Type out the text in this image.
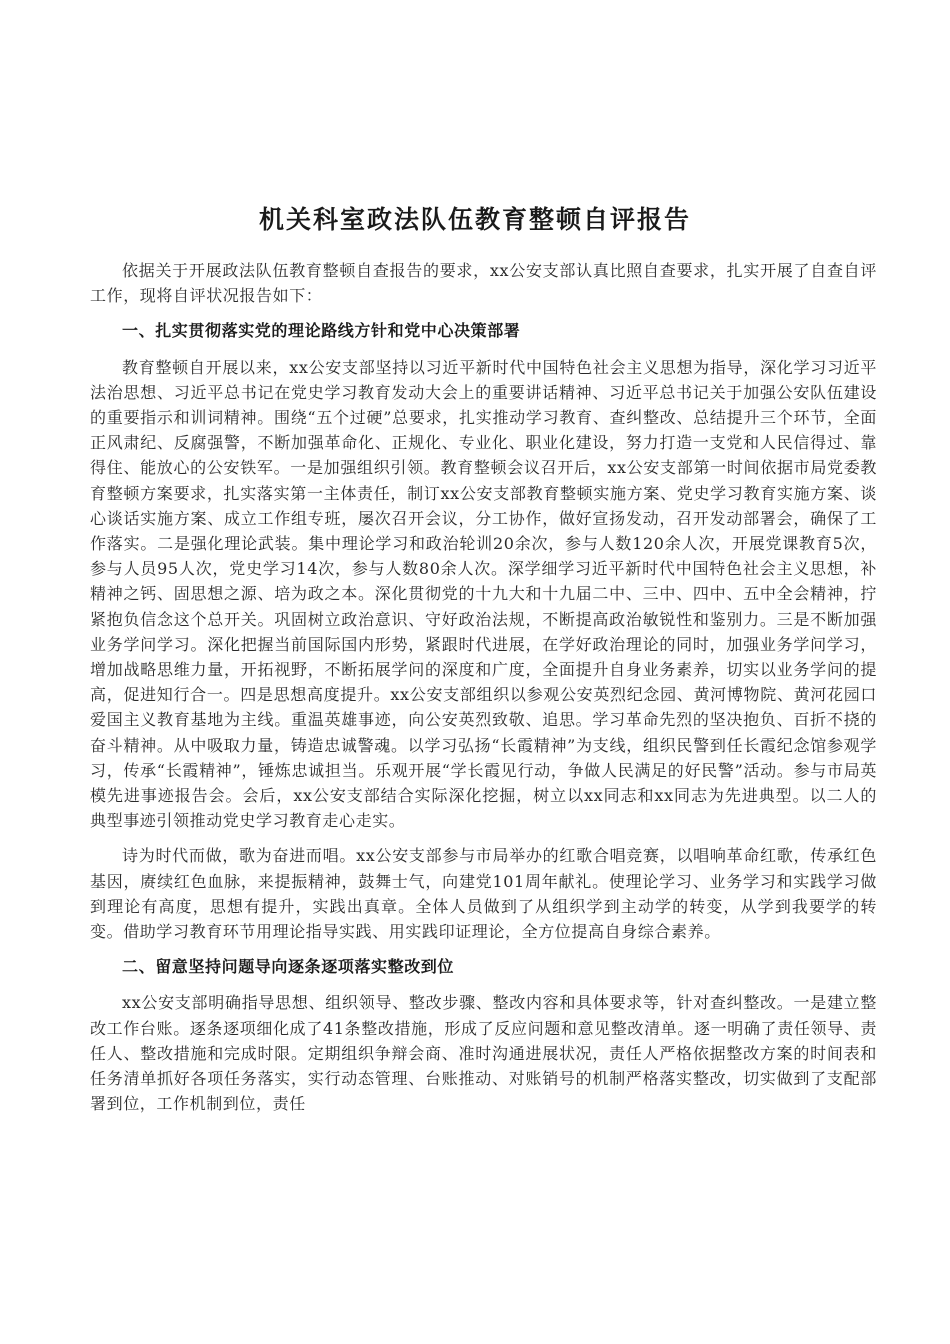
机关科室政法队伍教育整顿自评报告

依据关于开展政法队伍教育整顿自查报告的要求，xx公安支部认真比照自查要求，扎实开展了自查自评工作，现将自评状况报告如下：

一、扎实贯彻落实党的理论路线方针和党中心决策部署

教育整顿自开展以来，xx公安支部坚持以习近平新时代中国特色社会主义思想为指导，深化学习习近平法治思想、习近平总书记在党史学习教育发动大会上的重要讲话精神、习近平总书记关于加强公安队伍建设的重要指示和训词精神。围绕“五个过硬”总要求，扎实推动学习教育、查纠整改、总结提升三个环节，全面正风肃纪、反腐强警，不断加强革命化、正规化、专业化、职业化建设，努力打造一支党和人民信得过、靠得住、能放心的公安铁军。一是加强组织引领。教育整顿会议召开后，xx公安支部第一时间依据市局党委教育整顿方案要求，扎实落实第一主体责任，制订xx公安支部教育整顿实施方案、党史学习教育实施方案、谈心谈话实施方案、成立工作组专班，屡次召开会议，分工协作，做好宣扬发动，召开发动部署会，确保了工作落实。二是强化理论武装。集中理论学习和政治轮训20余次，参与人数120余人次，开展党课教育5次，参与人员95人次，党史学习14次，参与人数80余人次。深学细学习近平新时代中国特色社会主义思想，补精神之钙、固思想之源、培为政之本。深化贯彻党的十九大和十九届二中、三中、四中、五中全会精神，拧紧抱负信念这个总开关。巩固树立政治意识、守好政治法规，不断提高政治敏锐性和鉴别力。三是不断加强业务学问学习。深化把握当前国际国内形势，紧跟时代进展，在学好政治理论的同时，加强业务学问学习，增加战略思维力量，开拓视野，不断拓展学问的深度和广度，全面提升自身业务素养，切实以业务学问的提高，促进知行合一。四是思想高度提升。xx公安支部组织以参观公安英烈纪念园、黄河博物院、黄河花园口爱国主义教育基地为主线。重温英雄事迹，向公安英烈致敬、追思。学习革命先烈的坚决抱负、百折不挠的奋斗精神。从中吸取力量，铸造忠诚警魂。以学习弘扬“长霞精神”为支线，组织民警到任长霞纪念馆参观学习，传承“长霞精神”，锤炼忠诚担当。乐观开展“学长霞见行动，争做人民满足的好民警”活动。参与市局英模先进事迹报告会。会后，xx公安支部结合实际深化挖掘，树立以xx同志和xx同志为先进典型。以二人的典型事迹引领推动党史学习教育走心走实。

诗为时代而做，歌为奋进而唱。xx公安支部参与市局举办的红歌合唱竞赛，以唱响革命红歌，传承红色基因，赓续红色血脉，来提振精神，鼓舞士气，向建党101周年献礼。使理论学习、业务学习和实践学习做到理论有高度，思想有提升，实践出真章。全体人员做到了从组织学到主动学的转变，从学到我要学的转变。借助学习教育环节用理论指导实践、用实践印证理论，全方位提高自身综合素养。

二、留意坚持问题导向逐条逐项落实整改到位

xx公安支部明确指导思想、组织领导、整改步骤、整改内容和具体要求等，针对查纠整改。一是建立整改工作台账。逐条逐项细化成了41条整改措施，形成了反应问题和意见整改清单。逐一明确了责任领导、责任人、整改措施和完成时限。定期组织争辩会商、准时沟通进展状况，责任人严格依据整改方案的时间表和任务清单抓好各项任务落实，实行动态管理、台账推动、对账销号的机制严格落实整改，切实做到了支配部署到位，工作机制到位，责任
